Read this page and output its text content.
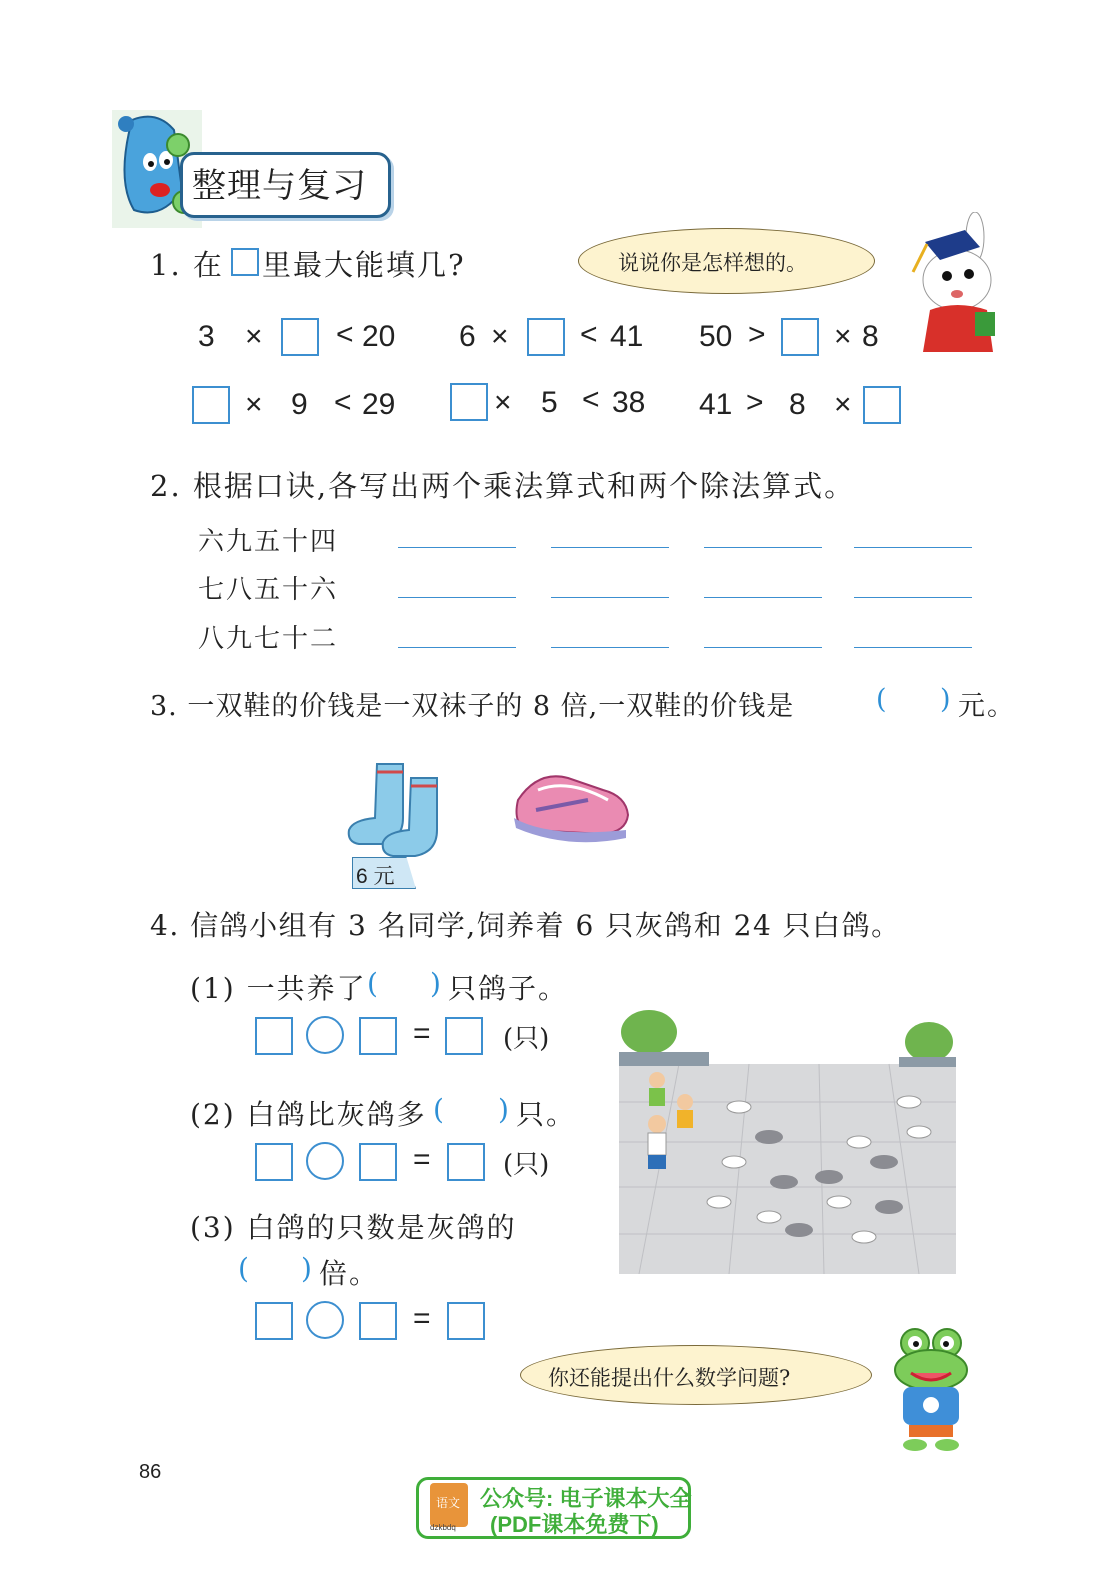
整理与复习
1. 在 里最大能填几?	说说你是怎样想的。
3 × < 20 6 × < 41 50 > × 8
× 9 < 29	× 5 < 38 41 > 8 ×
2. 根据口诀,各写出两个乘法算式和两个除法算式。
六九五十四
七八五十六
八九七十二
3. 一双鞋的价钱是一双袜子的 8 倍,一双鞋的价钱是	( ) 元。
6 元
4. 信鸽小组有 3 名同学,饲养着 6 只灰鸽和 24 只白鸽。
(1) 一共养了 ( ) 只鸽子。
=	(只)
(2) 白鸽比灰鸽多 ( ) 只。
=	(只)
(3) 白鸽的只数是灰鸽的
( ) 倍。
=
你还能提出什么数学问题?
86
语文
dzkbdq
公众号: 电子课本大全
(PDF课本免费下)
